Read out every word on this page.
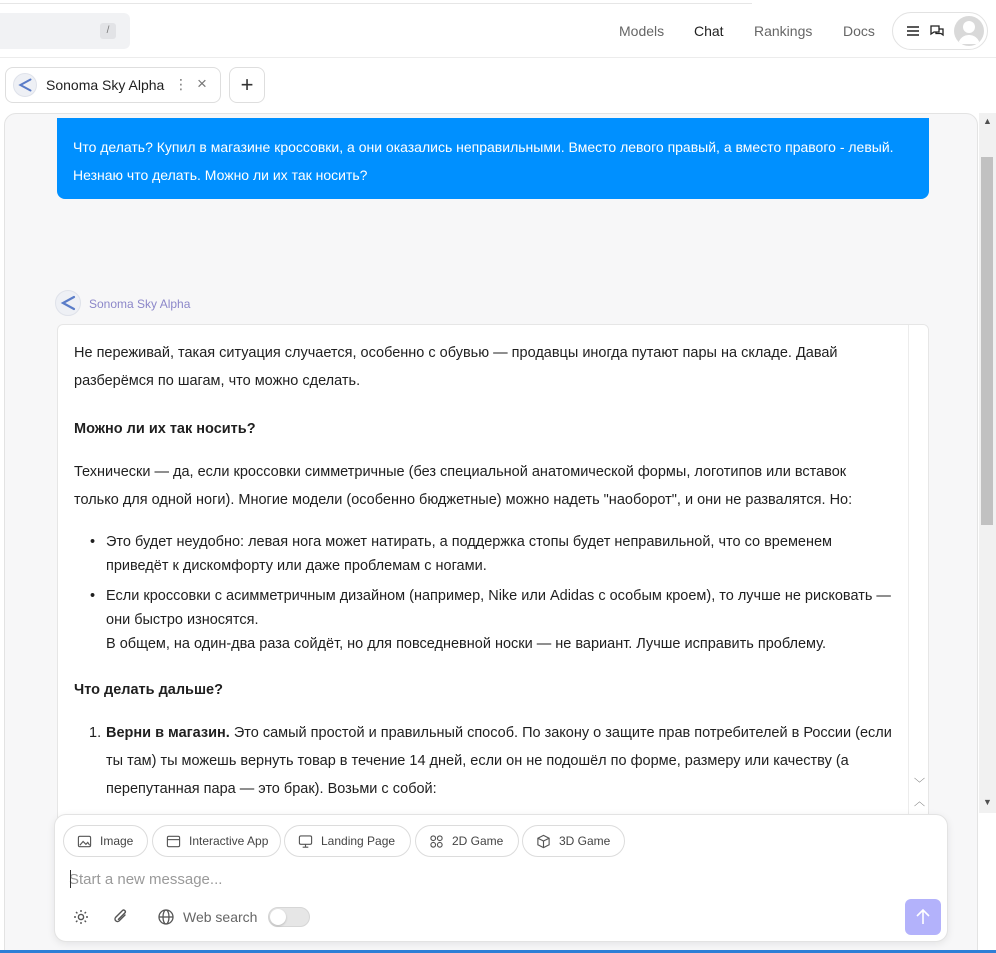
/	Models Chat Rankings Docs
Sonoma Sky Alpha ⋮ ×	+
Что делать? Купил в магазине кроссовки, а они оказались неправильными. Вместо левого правый, а вместо правого - левый. Незнаю что делать. Можно ли их так носить?
Sonoma Sky Alpha

Не переживай, такая ситуация случается, особенно с обувью — продавцы иногда путают пары на складе. Давай разберёмся по шагам, что можно сделать.

Можно ли их так носить?

Технически — да, если кроссовки симметричные (без специальной анатомической формы, логотипов или вставок только для одной ноги). Многие модели (особенно бюджетные) можно надеть "наоборот", и они не развалятся. Но:

• Это будет неудобно: левая нога может натирать, а поддержка стопы будет неправильной, что со временем приведёт к дискомфорту или даже проблемам с ногами.
• Если кроссовки с асимметричным дизайном (например, Nike или Adidas с особым кроем), то лучше не рисковать — они быстро износятся.
В общем, на один-два раза сойдёт, но для повседневной носки — не вариант. Лучше исправить проблему.
Что делать дальше?
1. Верни в магазин. Это самый простой и правильный способ. По закону о защите прав потребителей в России (если ты там) ты можешь вернуть товар в течение 14 дней, если он не подошёл по форме, размеру или качеству (а перепутанная пара — это брак). Возьми с собой:	﹀
︿
Image	Interactive App	Landing Page	2D Game	3D Game
Start a new message...
Web search
▲
▼
